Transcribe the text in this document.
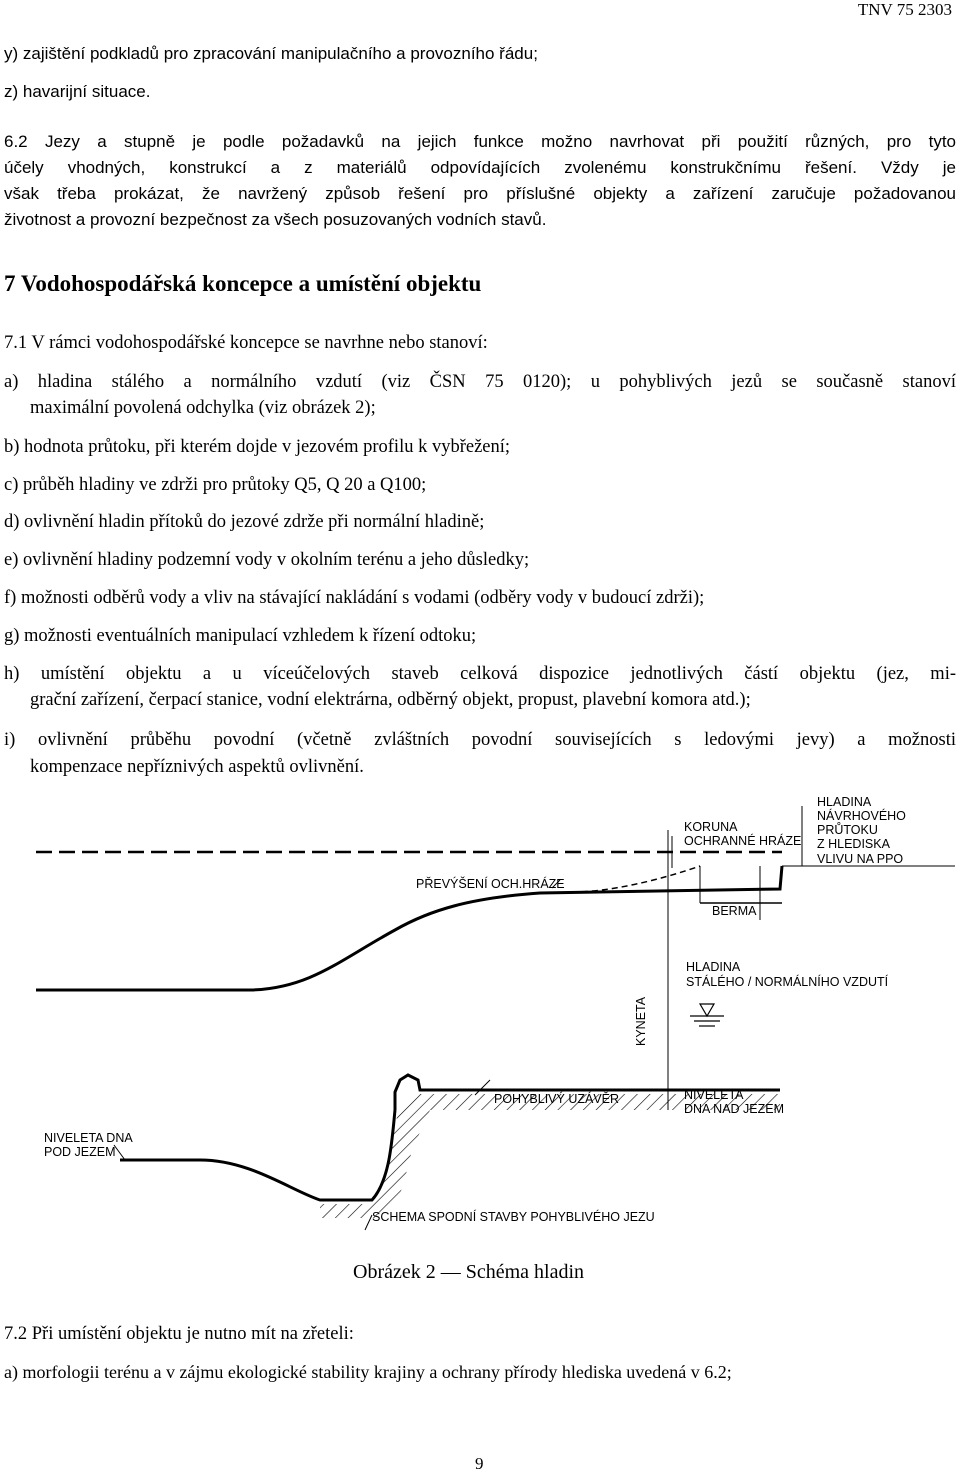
TNV 75 2303
y) zajištění podkladů pro zpracování manipulačního a provozního řádu;
z) havarijní situace.
6.2 Jezy a stupně je podle požadavků na jejich funkce možno navrhovat při použití různých, pro tyto
účely vhodných, konstrukcí a z materiálů odpovídajících zvolenému konstrukčnímu řešení. Vždy je
však třeba prokázat, že navržený způsob řešení pro příslušné objekty a zařízení zaručuje požadovanou
životnost a provozní bezpečnost za všech posuzovaných vodních stavů.
7 Vodohospodářská koncepce a umístění objektu
7.1 V rámci vodohospodářské koncepce se navrhne nebo stanoví:
a) hladina stálého a normálního vzdutí (viz ČSN 75 0120); u pohyblivých jezů se současně stanoví
maximální povolená odchylka (viz obrázek 2);
b) hodnota průtoku, při kterém dojde v jezovém profilu k vybřežení;
c) průběh hladiny ve zdrži pro průtoky Q5, Q 20 a Q100;
d) ovlivnění hladin přítoků do jezové zdrže při normální hladině;
e) ovlivnění hladiny podzemní vody v okolním terénu a jeho důsledky;
f) možnosti odběrů vody a vliv na stávající nakládání s vodami (odběry vody v budoucí zdrži);
g) možnosti eventuálních manipulací vzhledem k řízení odtoku;
h) umístění objektu a u víceúčelových staveb celková dispozice jednotlivých částí objektu (jez, mi-
grační zařízení, čerpací stanice, vodní elektrárna, odběrný objekt, propust, plavební komora atd.);
i) ovlivnění průběhu povodní (včetně zvláštních povodní souvisejících s ledovými jevy) a možnosti
kompenzace nepříznivých aspektů ovlivnění.
HLADINA
NÁVRHOVÉHO
PRŮTOKU
Z HLEDISKA
VLIVU NA PPO
KORUNA
OCHRANNÉ HRÁZE
PŘEVÝŠENÍ OCH.HRÁZE
BERMA
HLADINA
STÁLÉHO / NORMÁLNÍHO VZDUTÍ
KYNETA
POHYBLIVÝ UZÁVĚR	NIVELETA
DNA NAD JEZEM
NIVELETA DNA
POD JEZEM
SCHEMA SPODNÍ STAVBY POHYBLIVÉHO JEZU
Obrázek 2 — Schéma hladin
7.2 Při umístění objektu je nutno mít na zřeteli:
a) morfologii terénu a v zájmu ekologické stability krajiny a ochrany přírody hlediska uvedená v 6.2;
9
